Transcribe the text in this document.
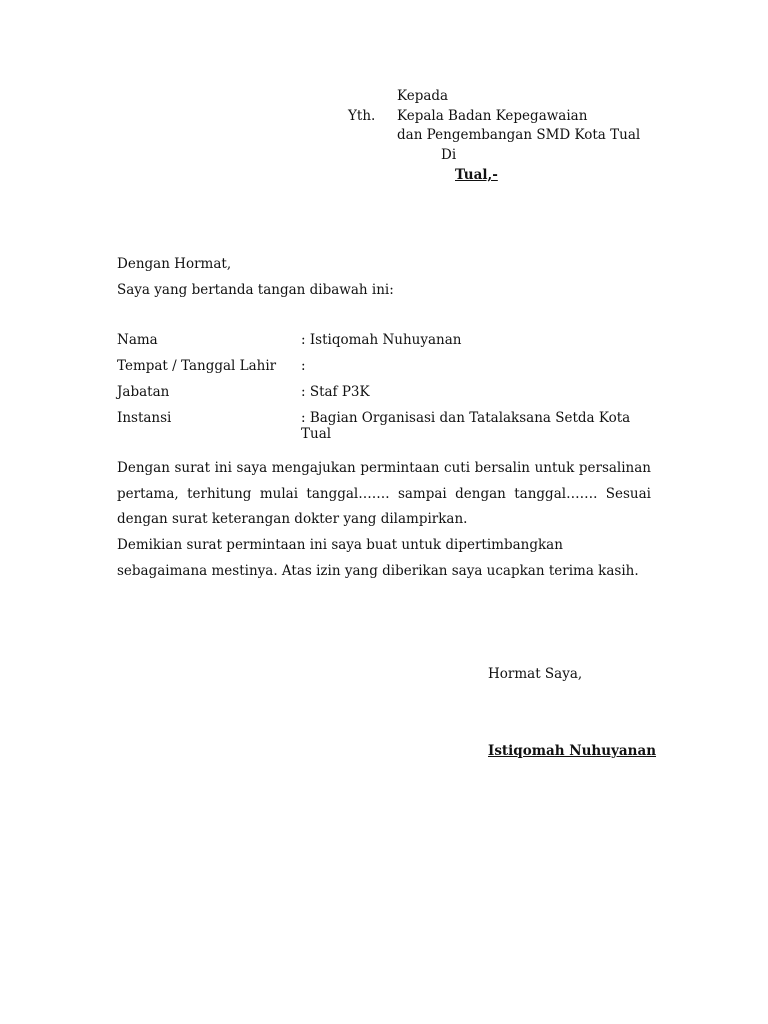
Kepada
Yth. Kepala Badan Kepegawaian
dan Pengembangan SMD Kota Tual
Di
Tual,-
Dengan Hormat,
Saya yang bertanda tangan dibawah ini:
Nama	: Istiqomah Nuhuyanan
Tempat / Tanggal Lahir :
Jabatan	: Staf P3K
Instansi	: Bagian Organisasi dan Tatalaksana Setda Kota Tual
Dengan surat ini saya mengajukan permintaan cuti bersalin untuk persalinan pertama, terhitung mulai tanggal……. sampai dengan tanggal……. Sesuai dengan surat keterangan dokter yang dilampirkan.
Demikian surat permintaan ini saya buat untuk dipertimbangkan sebagaimana mestinya. Atas izin yang diberikan saya ucapkan terima kasih.
Hormat Saya,
Istiqomah Nuhuyanan
